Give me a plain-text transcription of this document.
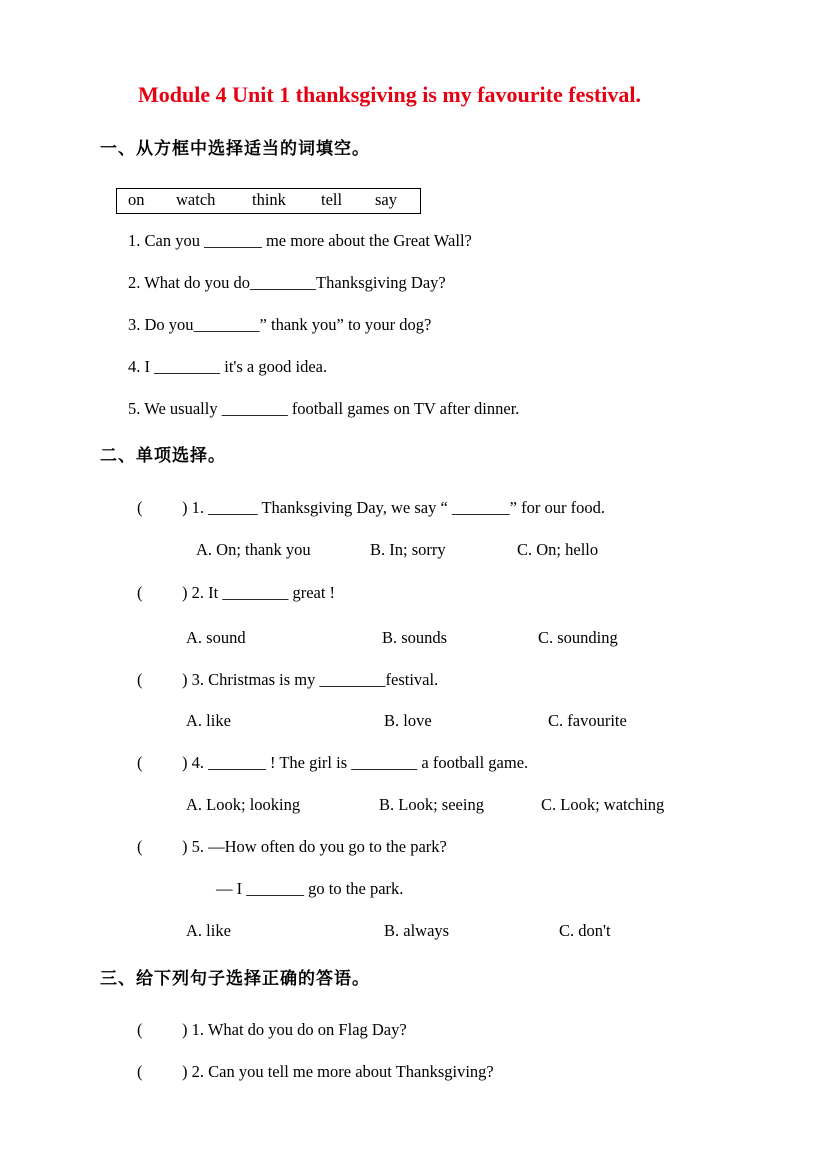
Module 4 Unit 1 thanksgiving is my favourite festival.
一、从方框中选择适当的词填空。
on watch think tell say
1. Can you _______ me more about the Great Wall?
2. What do you do________Thanksgiving Day?
3. Do you________” thank you” to your dog?
4. I ________ it's a good idea.
5. We usually ________ football games on TV after dinner.
二、单项选择。
( ) 1. ______ Thanksgiving Day, we say “ _______” for our food.
A. On; thank you	B. In; sorry	C. On; hello
( ) 2. It ________ great !
A. sound	B. sounds	C. sounding
( ) 3. Christmas is my ________festival.
A. like	B. love	C. favourite
( ) 4. _______ ! The girl is ________ a football game.
A. Look; looking	B. Look; seeing	C. Look; watching
( ) 5. —How often do you go to the park?
— I _______ go to the park.
A. like	B. always	C. don't
三、给下列句子选择正确的答语。
( ) 1. What do you do on Flag Day?
( ) 2. Can you tell me more about Thanksgiving?
